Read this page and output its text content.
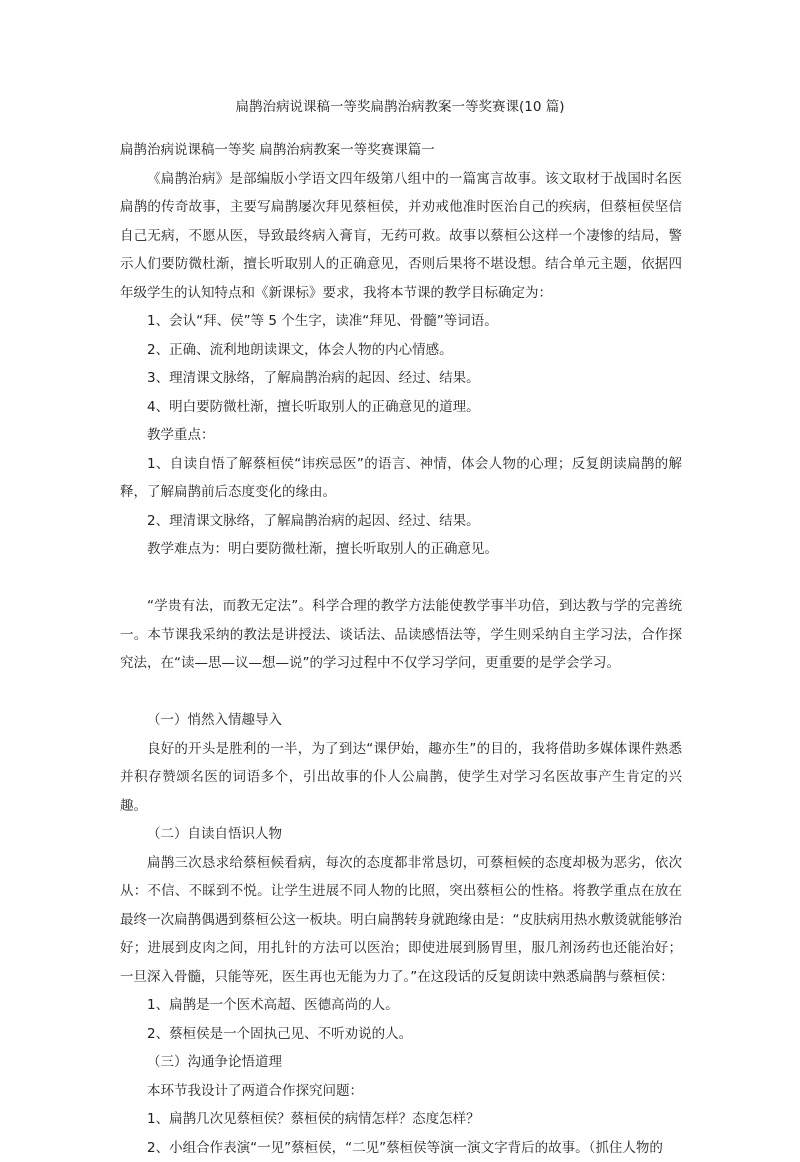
扁鹊治病说课稿一等奖扁鹊治病教案一等奖赛课(10 篇)

扁鹊治病说课稿一等奖 扁鹊治病教案一等奖赛课篇一

《扁鹊治病》是部编版小学语文四年级第八组中的一篇寓言故事。该文取材于战国时名医扁鹊的传奇故事，主要写扁鹊屡次拜见蔡桓侯，并劝戒他准时医治自己的疾病，但蔡桓侯坚信自己无病，不愿从医，导致最终病入膏肓，无药可救。故事以蔡桓公这样一个凄惨的结局，警示人们要防微杜渐，擅长听取别人的正确意见，否则后果将不堪设想。结合单元主题，依据四年级学生的认知特点和《新课标》要求，我将本节课的教学目标确定为：

1、会认“拜、侯”等 5 个生字，读准“拜见、骨髓”等词语。

2、正确、流利地朗读课文，体会人物的内心情感。

3、理清课文脉络，了解扁鹊治病的起因、经过、结果。

4、明白要防微杜渐，擅长听取别人的正确意见的道理。

教学重点：

1、自读自悟了解蔡桓侯“讳疾忌医”的语言、神情，体会人物的心理；反复朗读扁鹊的解释，了解扁鹊前后态度变化的缘由。

2、理清课文脉络，了解扁鹊治病的起因、经过、结果。

教学难点为：明白要防微杜渐，擅长听取别人的正确意见。

“学贵有法，而教无定法”。科学合理的教学方法能使教学事半功倍，到达教与学的完善统一。本节课我采纳的教法是讲授法、谈话法、品读感悟法等，学生则采纳自主学习法，合作探究法，在“读—思—议—想—说”的学习过程中不仅学习学问，更重要的是学会学习。

（一）悄然入情趣导入

良好的开头是胜利的一半，为了到达“课伊始，趣亦生”的目的，我将借助多媒体课件熟悉并积存赞颂名医的词语多个，引出故事的仆人公扁鹊，使学生对学习名医故事产生肯定的兴趣。

（二）自读自悟识人物

扁鹊三次恳求给蔡桓候看病，每次的态度都非常恳切，可蔡桓候的态度却极为恶劣，依次从：不信、不睬到不悦。让学生进展不同人物的比照，突出蔡桓公的性格。将教学重点在放在最终一次扁鹊偶遇到蔡桓公这一板块。明白扁鹊转身就跑缘由是：“皮肤病用热水敷烫就能够治好；进展到皮肉之间，用扎针的方法可以医治；即使进展到肠胃里，服几剂汤药也还能治好；一旦深入骨髓，只能等死，医生再也无能为力了。”在这段话的反复朗读中熟悉扁鹊与蔡桓侯：

1、扁鹊是一个医术高超、医德高尚的人。

2、蔡桓侯是一个固执己见、不听劝说的人。

（三）沟通争论悟道理

本环节我设计了两道合作探究问题：

1、扁鹊几次见蔡桓侯？蔡桓侯的病情怎样？态度怎样？

2、小组合作表演“一见”蔡桓侯，“二见”蔡桓侯等演一演文字背后的故事。（抓住人物的
